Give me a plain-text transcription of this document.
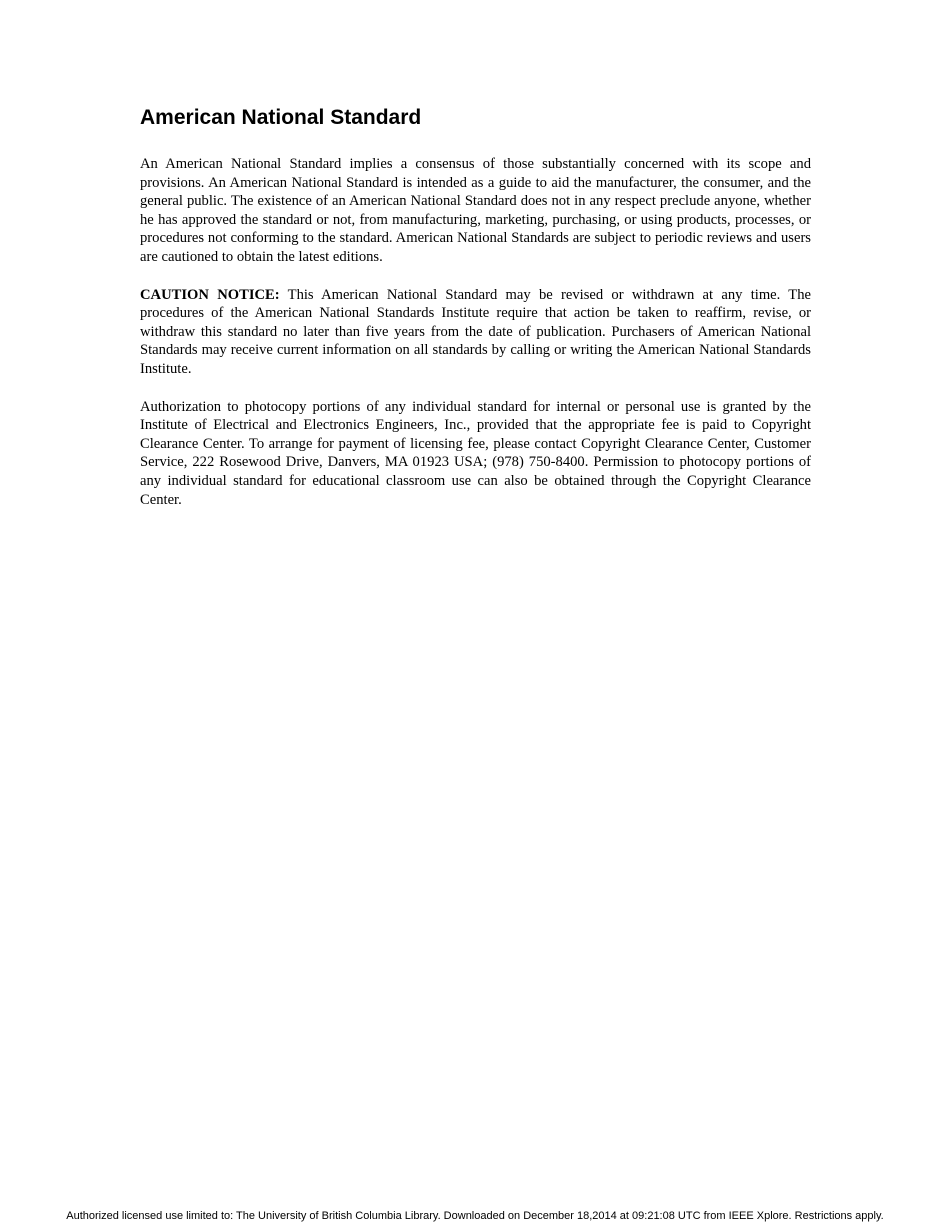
American National Standard

An American National Standard implies a consensus of those substantially concerned with its scope and provisions. An American National Standard is intended as a guide to aid the manufacturer, the consumer, and the general public. The existence of an American National Standard does not in any respect preclude anyone, whether he has approved the standard or not, from manufacturing, marketing, purchasing, or using products, processes, or procedures not conforming to the standard. American National Standards are subject to periodic reviews and users are cautioned to obtain the latest editions.

CAUTION NOTICE: This American National Standard may be revised or withdrawn at any time. The procedures of the American National Standards Institute require that action be taken to reaffirm, revise, or withdraw this standard no later than five years from the date of publication. Purchasers of American National Standards may receive current information on all standards by calling or writing the American National Standards Institute.

Authorization to photocopy portions of any individual standard for internal or personal use is granted by the Institute of Electrical and Electronics Engineers, Inc., provided that the appropriate fee is paid to Copyright Clearance Center. To arrange for payment of licensing fee, please contact Copyright Clearance Center, Customer Service, 222 Rosewood Drive, Danvers, MA 01923 USA; (978) 750-8400. Permission to photocopy portions of any individual standard for educational classroom use can also be obtained through the Copyright Clearance Center.

Authorized licensed use limited to: The University of British Columbia Library. Downloaded on December 18,2014 at 09:21:08 UTC from IEEE Xplore. Restrictions apply.
